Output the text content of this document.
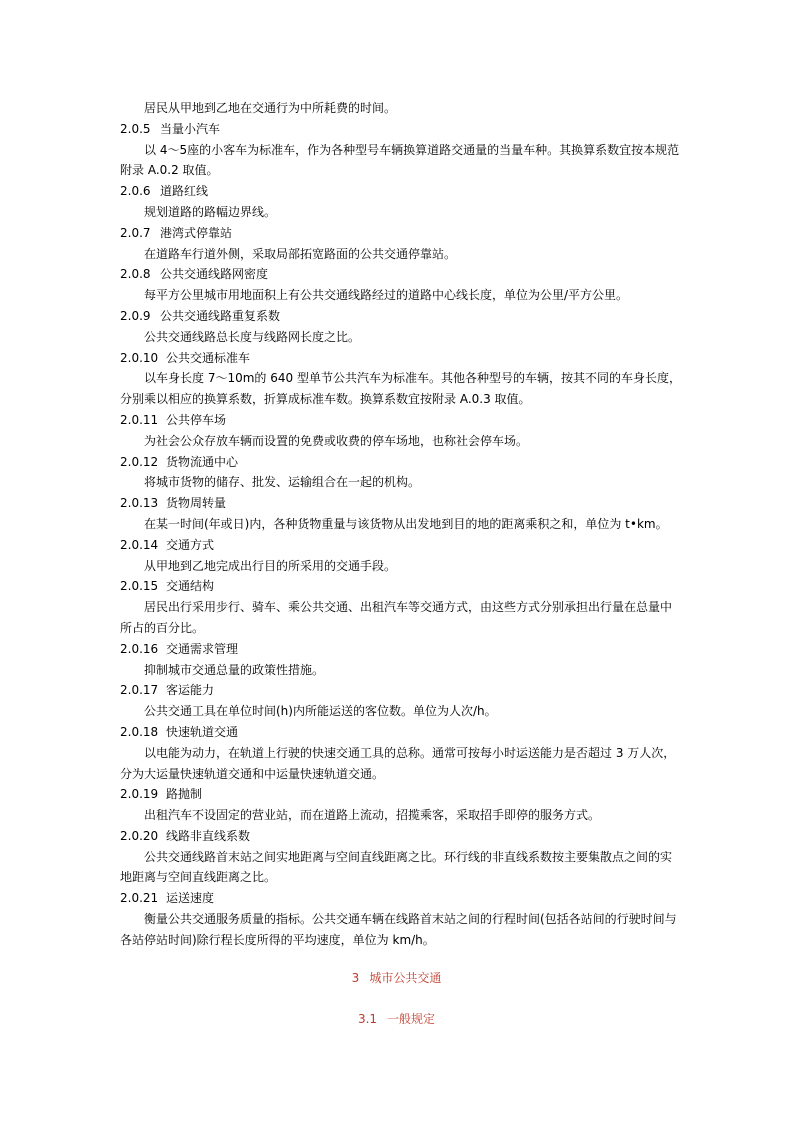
居民从甲地到乙地在交通行为中所耗费的时间。
2.0.5 当量小汽车
以 4～5座的小客车为标准车，作为各种型号车辆换算道路交通量的当量车种。其换算系数宜按本规范
附录 A.0.2 取值。
2.0.6 道路红线
规划道路的路幅边界线。
2.0.7 港湾式停靠站
在道路车行道外侧，采取局部拓宽路面的公共交通停靠站。
2.0.8 公共交通线路网密度
每平方公里城市用地面积上有公共交通线路经过的道路中心线长度，单位为公里/平方公里。
2.0.9 公共交通线路重复系数
公共交通线路总长度与线路网长度之比。
2.0.10 公共交通标准车
以车身长度 7～10m的 640 型单节公共汽车为标准车。其他各种型号的车辆，按其不同的车身长度，
分别乘以相应的换算系数，折算成标准车数。换算系数宜按附录 A.0.3 取值。
2.0.11 公共停车场
为社会公众存放车辆而设置的免费或收费的停车场地，也称社会停车场。
2.0.12 货物流通中心
将城市货物的储存、批发、运输组合在一起的机构。
2.0.13 货物周转量
在某一时间(年或日)内，各种货物重量与该货物从出发地到目的地的距离乘积之和，单位为 t•km。
2.0.14 交通方式
从甲地到乙地完成出行目的所采用的交通手段。
2.0.15 交通结构
居民出行采用步行、骑车、乘公共交通、出租汽车等交通方式，由这些方式分别承担出行量在总量中
所占的百分比。
2.0.16 交通需求管理
抑制城市交通总量的政策性措施。
2.0.17 客运能力
公共交通工具在单位时间(h)内所能运送的客位数。单位为人次/h。
2.0.18 快速轨道交通
以电能为动力，在轨道上行驶的快速交通工具的总称。通常可按每小时运送能力是否超过 3 万人次，
分为大运量快速轨道交通和中运量快速轨道交通。
2.0.19 路抛制
出租汽车不设固定的营业站，而在道路上流动，招揽乘客，采取招手即停的服务方式。
2.0.20 线路非直线系数
公共交通线路首末站之间实地距离与空间直线距离之比。环行线的非直线系数按主要集散点之间的实
地距离与空间直线距离之比。
2.0.21 运送速度
衡量公共交通服务质量的指标。公共交通车辆在线路首末站之间的行程时间(包括各站间的行驶时间与
各站停站时间)除行程长度所得的平均速度，单位为 km/h。
3 城市公共交通
3.1 一般规定
